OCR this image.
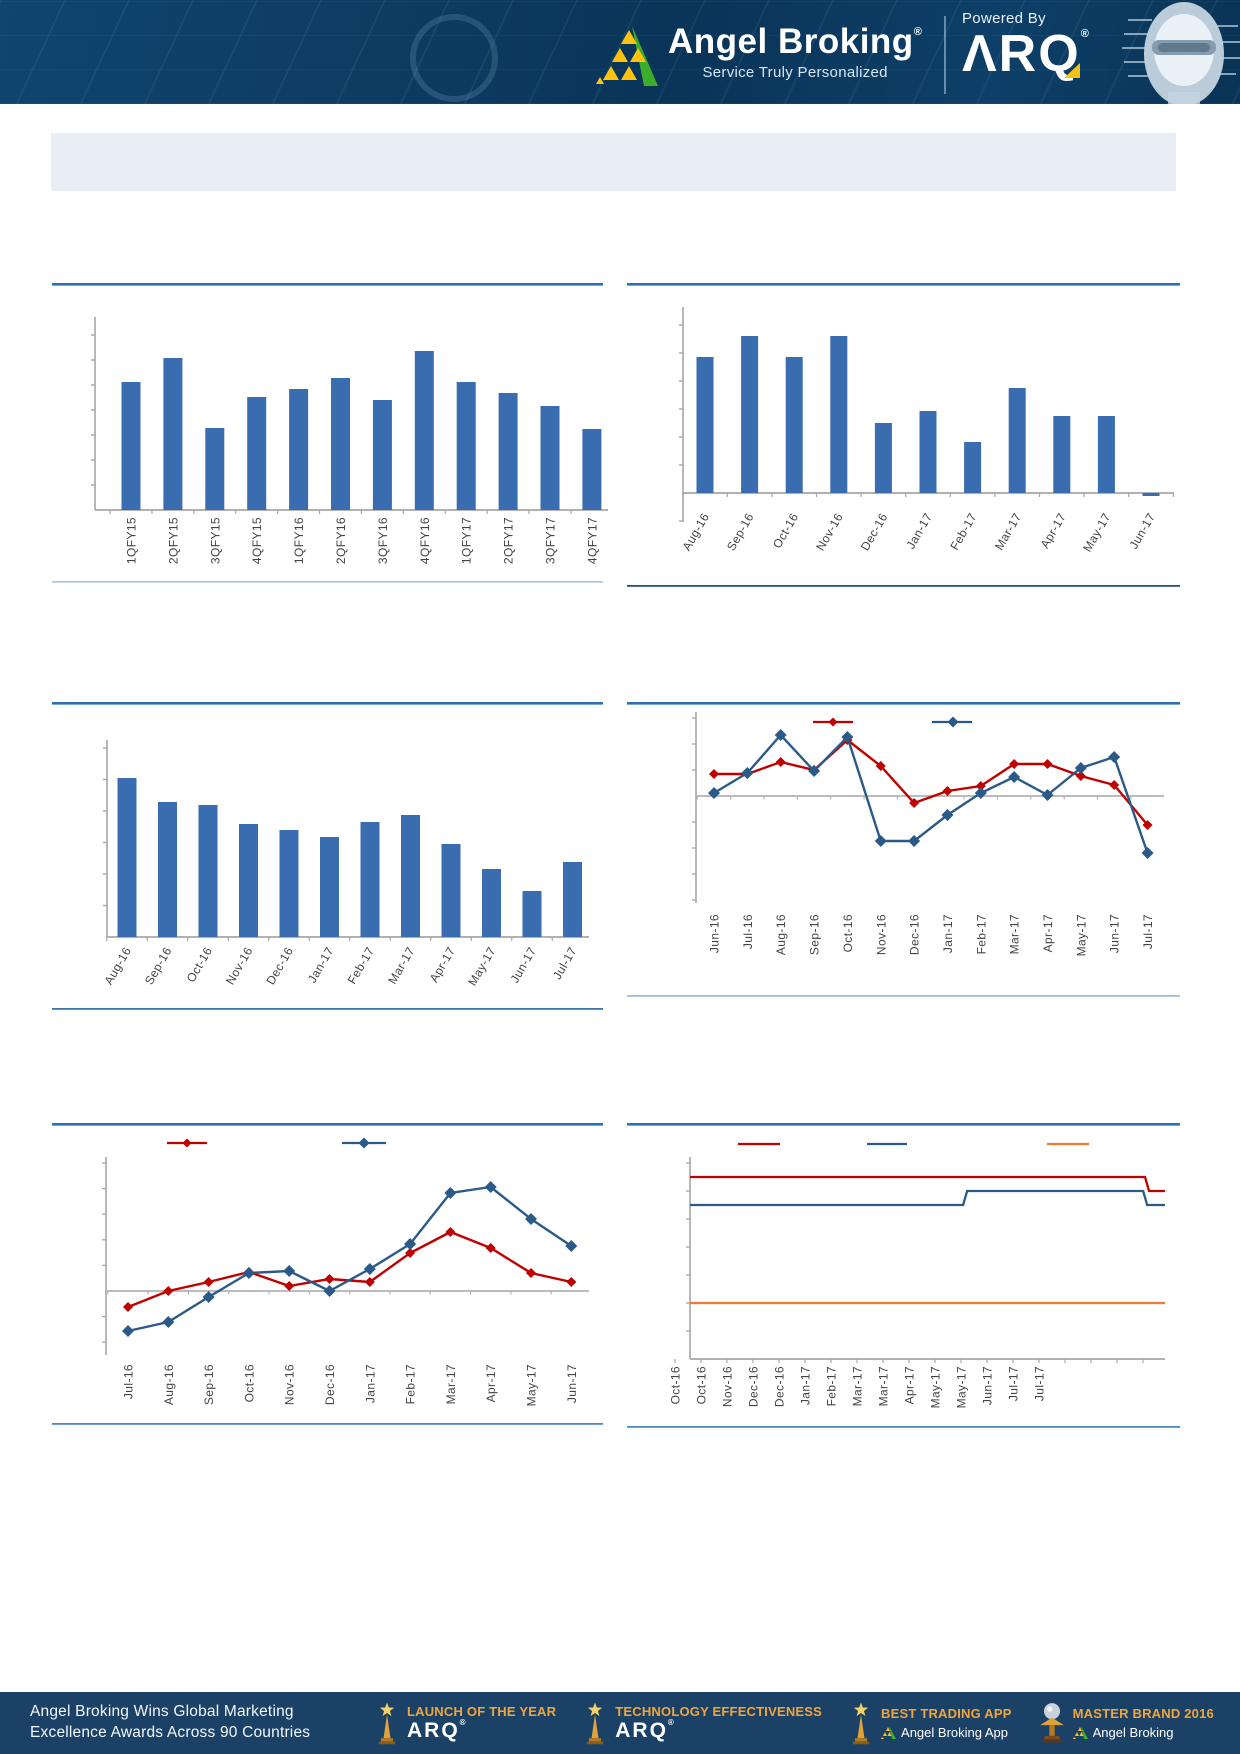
Angel Broking®
Service Truly Personalized
Powered By
ΛRQ®
1QFY15 2QFY15 3QFY15 4QFY15 1QFY16 2QFY16 3QFY16 4QFY16 1QFY17 2QFY17 3QFY17 4QFY17	Aug-16 Sep-16 Oct-16 Nov-16 Dec-16 Jan-17 Feb-17 Mar-17 Apr-17 May-17 Jun-17
Aug-16 Sep-16 Oct-16 Nov-16 Dec-16 Jan-17 Feb-17 Mar-17 Apr-17 May-17 Jun-17 Jul-17
Jun-16 Jul-16 Aug-16 Sep-16 Oct-16 Nov-16 Dec-16 Jan-17 Feb-17 Mar-17 Apr-17 May-17 Jun-17 Jul-17
Jul-16 Aug-16 Sep-16 Oct-16 Nov-16 Dec-16 Jan-17 Feb-17 Mar-17 Apr-17 May-17 Jun-17	Oct-16 Oct-16 Nov-16 Dec-16 Dec-16 Jan-17 Feb-17 Mar-17 Mar-17 Apr-17 May-17 May-17 Jun-17 Jul-17 Jul-17
Angel Broking Wins Global Marketing
Excellence Awards Across 90 Countries
LAUNCH OF THE YEAR
ARQ®
TECHNOLOGY EFFECTIVENESS
ARQ®
BEST TRADING APP
Angel Broking App
MASTER BRAND 2016
Angel Broking
